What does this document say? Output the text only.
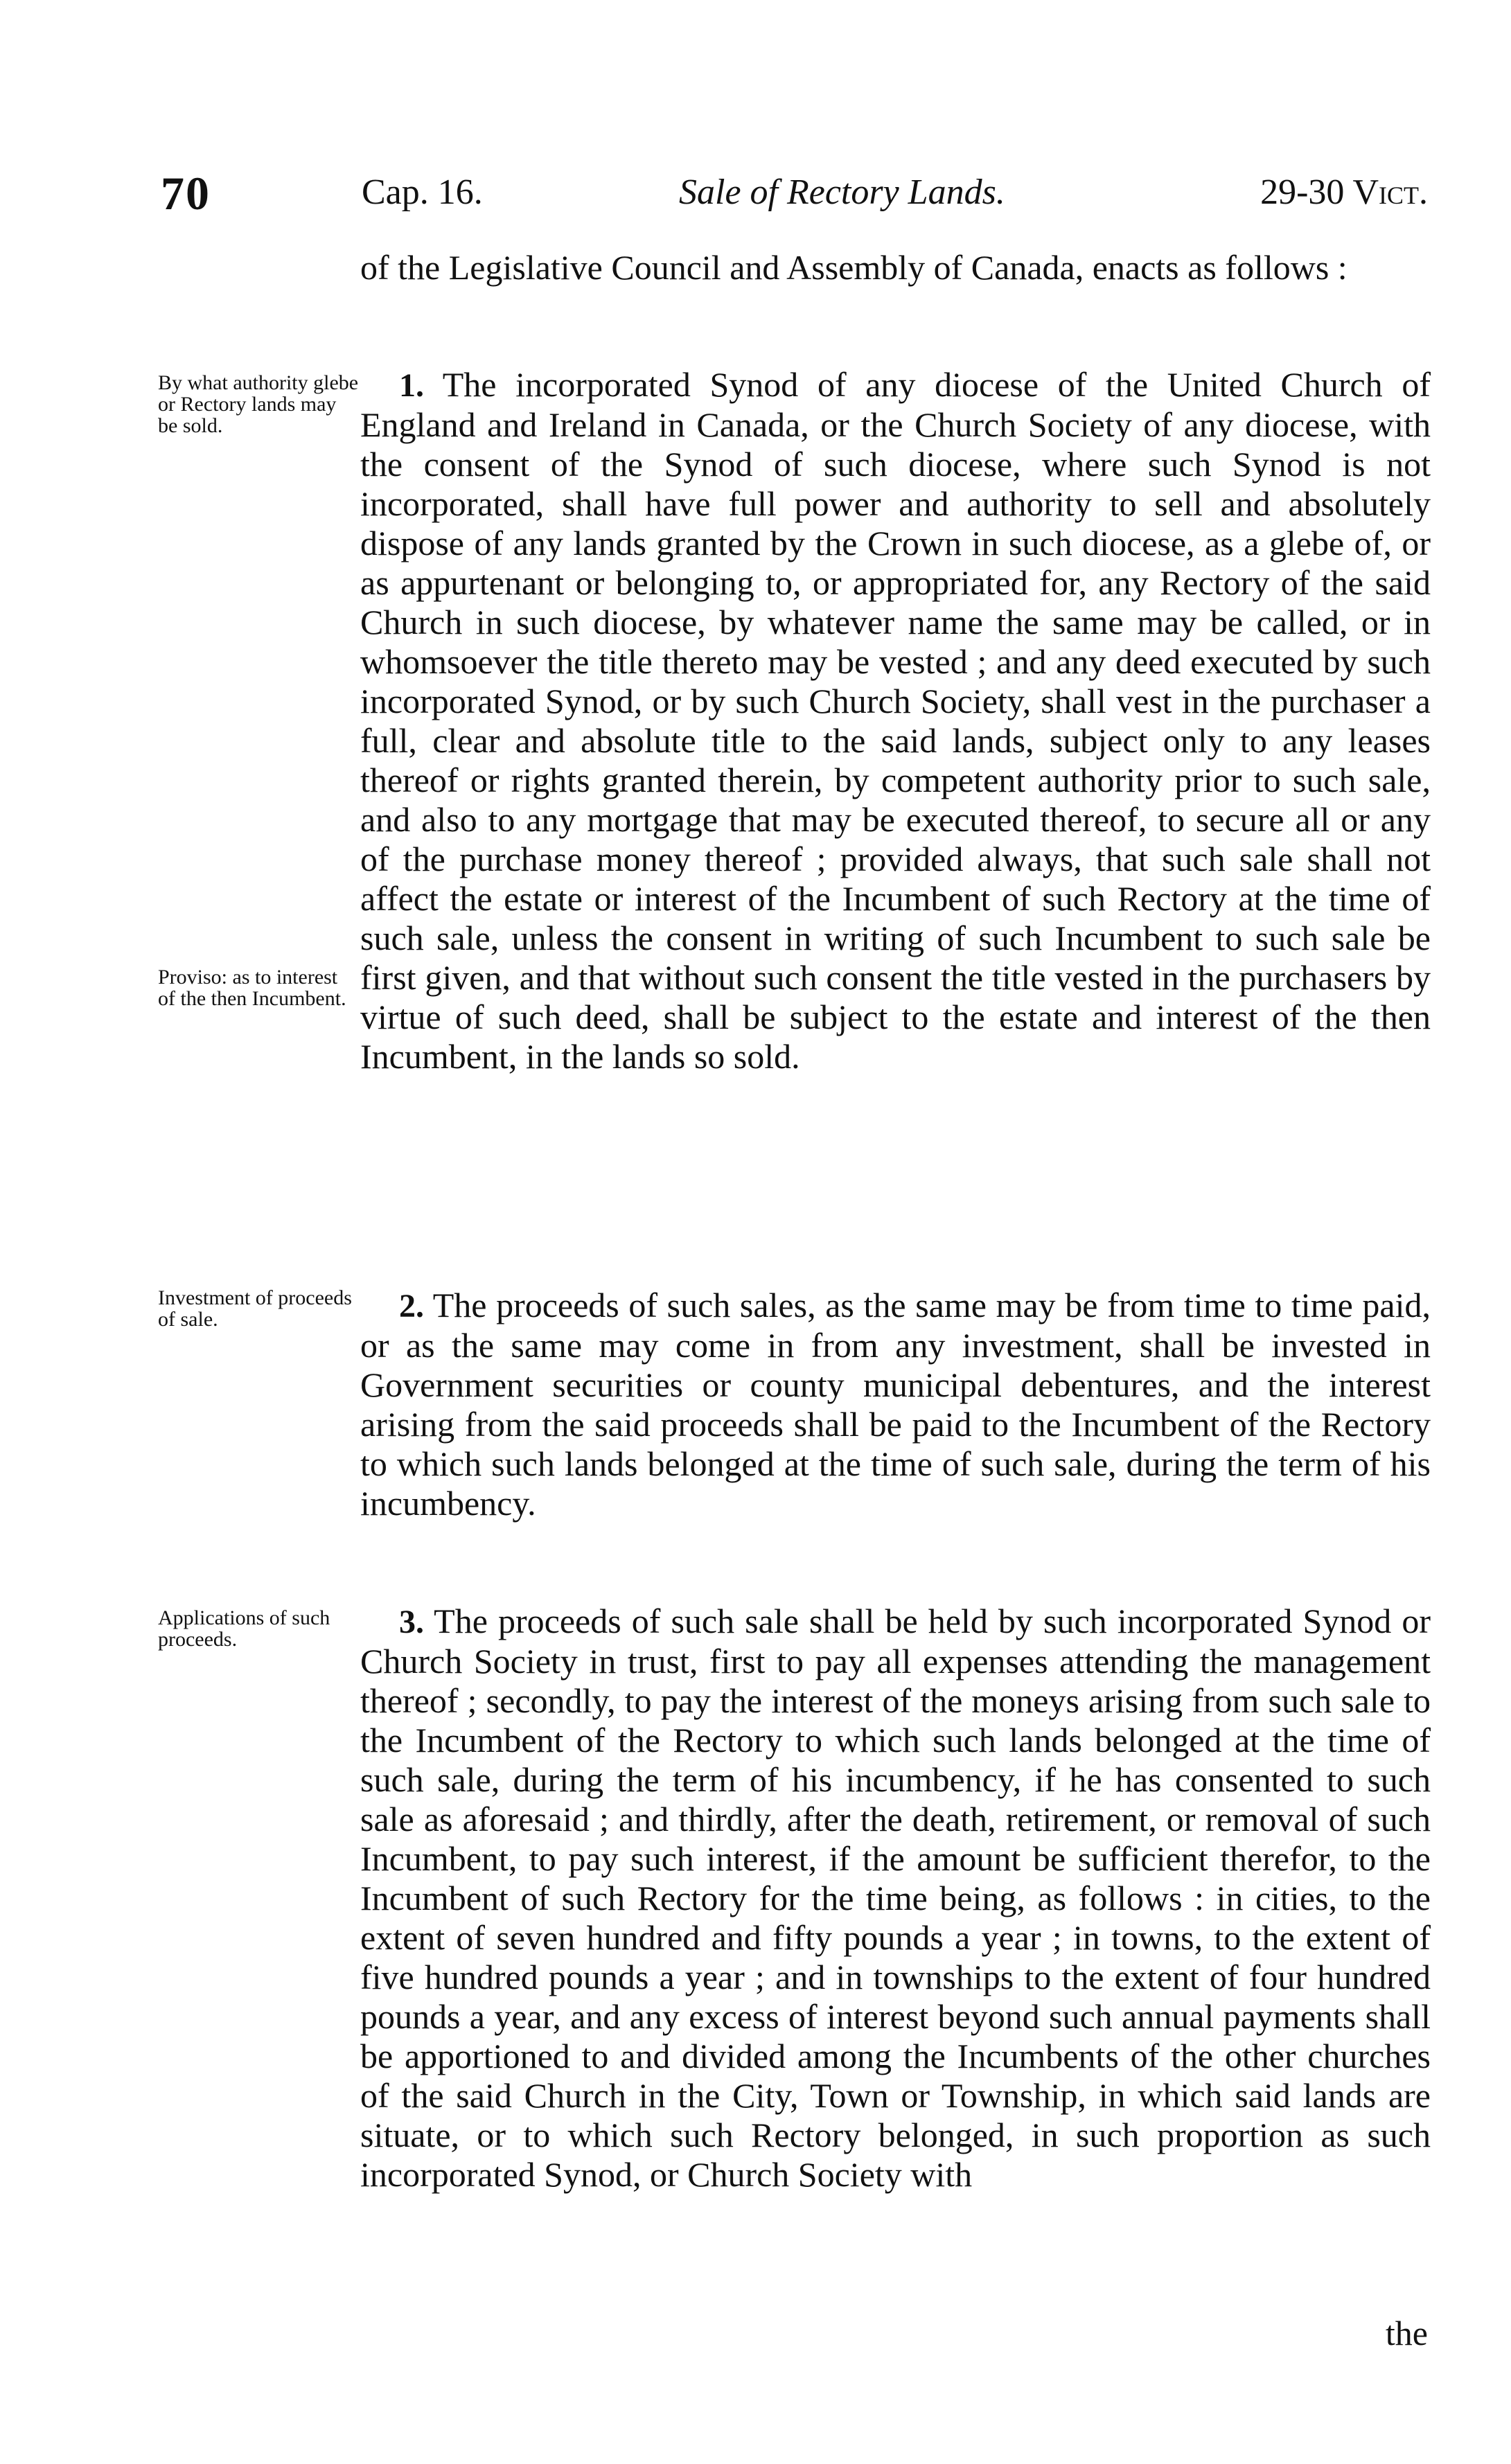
70	Cap. 16.	Sale of Rectory Lands.	29-30 Vict.
of the Legislative Council and Assembly of Canada, enacts as follows :
1. The incorporated Synod of any diocese of the United Church of England and Ireland in Canada, or the Church Society of any diocese, with the consent of the Synod of such diocese, where such Synod is not incorporated, shall have full power and authority to sell and absolutely dispose of any lands granted by the Crown in such diocese, as a glebe of, or as appurtenant or belonging to, or appropriated for, any Rectory of the said Church in such diocese, by whatever name the same may be called, or in whomsoever the title thereto may be vested ; and any deed executed by such incorporated Synod, or by such Church Society, shall vest in the purchaser a full, clear and absolute title to the said lands, subject only to any leases thereof or rights granted therein, by competent authority prior to such sale, and also to any mortgage that may be executed thereof, to secure all or any of the purchase money thereof ; provided always, that such sale shall not affect the estate or interest of the Incumbent of such Rectory at the time of such sale, unless the consent in writing of such Incumbent to such sale be first given, and that without such consent the title vested in the purchasers by virtue of such deed, shall be subject to the estate and interest of the then Incumbent, in the lands so sold.
2. The proceeds of such sales, as the same may be from time to time paid, or as the same may come in from any investment, shall be invested in Government securities or county municipal debentures, and the interest arising from the said proceeds shall be paid to the Incumbent of the Rectory to which such lands belonged at the time of such sale, during the term of his incumbency.
3. The proceeds of such sale shall be held by such incorporated Synod or Church Society in trust, first to pay all expenses attending the management thereof ; secondly, to pay the interest of the moneys arising from such sale to the Incumbent of the Rectory to which such lands belonged at the time of such sale, during the term of his incumbency, if he has consented to such sale as aforesaid ; and thirdly, after the death, retirement, or removal of such Incumbent, to pay such interest, if the amount be sufficient therefor, to the Incumbent of such Rectory for the time being, as follows : in cities, to the extent of seven hundred and fifty pounds a year ; in towns, to the extent of five hundred pounds a year ; and in townships to the extent of four hundred pounds a year, and any excess of interest beyond such annual payments shall be apportioned to and divided among the Incumbents of the other churches of the said Church in the City, Town or Township, in which said lands are situate, or to which such Rectory belonged, in such proportion as such incorporated Synod, or Church Society with
the
By what authority glebe or Rectory lands may be sold.
Proviso: as to interest of the then Incumbent.
Investment of proceeds of sale.
Applications of such proceeds.
